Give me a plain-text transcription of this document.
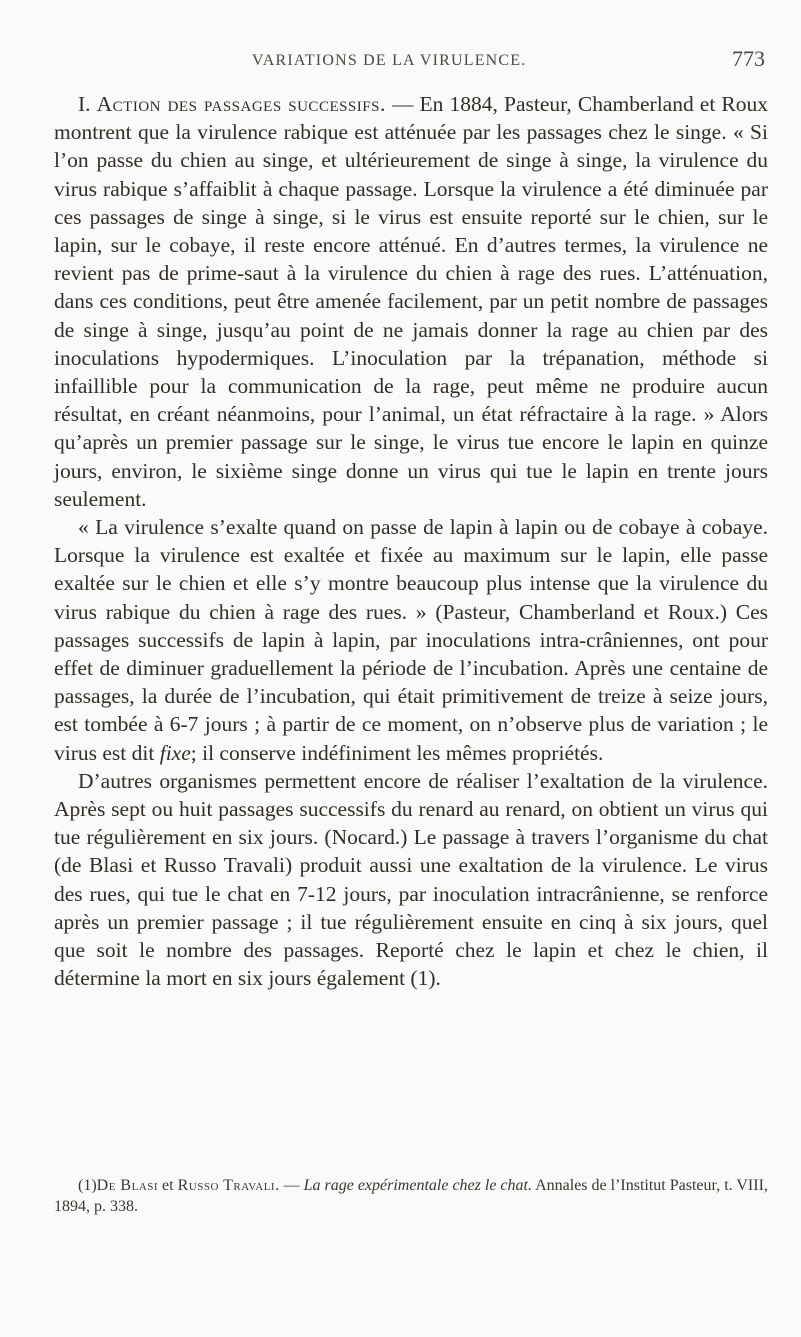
VARIATIONS DE LA VIRULENCE.	773

I. Action des passages successifs. — En 1884, Pasteur, Chamberland et Roux montrent que la virulence rabique est atténuée par les passages chez le singe. « Si l’on passe du chien au singe, et ultérieurement de singe à singe, la virulence du virus rabique s’affaiblit à chaque passage. Lorsque la virulence a été diminuée par ces passages de singe à singe, si le virus est ensuite reporté sur le chien, sur le lapin, sur le cobaye, il reste encore atténué. En d’autres termes, la virulence ne revient pas de prime-saut à la virulence du chien à rage des rues. L’atténuation, dans ces conditions, peut être amenée facilement, par un petit nombre de passages de singe à singe, jusqu’au point de ne jamais donner la rage au chien par des inoculations hypodermiques. L’inoculation par la trépanation, méthode si infaillible pour la communication de la rage, peut même ne produire aucun résultat, en créant néanmoins, pour l’animal, un état réfractaire à la rage. » Alors qu’après un premier passage sur le singe, le virus tue encore le lapin en quinze jours, environ, le sixième singe donne un virus qui tue le lapin en trente jours seulement.

« La virulence s’exalte quand on passe de lapin à lapin ou de cobaye à cobaye. Lorsque la virulence est exaltée et fixée au maximum sur le lapin, elle passe exaltée sur le chien et elle s’y montre beaucoup plus intense que la virulence du virus rabique du chien à rage des rues. » (Pasteur, Chamberland et Roux.) Ces passages successifs de lapin à lapin, par inoculations intra-crâniennes, ont pour effet de diminuer graduellement la période de l’incubation. Après une centaine de passages, la durée de l’incubation, qui était primitivement de treize à seize jours, est tombée à 6-7 jours ; à partir de ce moment, on n’observe plus de variation ; le virus est dit fixe; il conserve indéfiniment les mêmes propriétés.

D’autres organismes permettent encore de réaliser l’exaltation de la virulence. Après sept ou huit passages successifs du renard au renard, on obtient un virus qui tue régulièrement en six jours. (Nocard.) Le passage à travers l’organisme du chat (de Blasi et Russo Travali) produit aussi une exaltation de la virulence. Le virus des rues, qui tue le chat en 7-12 jours, par inoculation intracrânienne, se renforce après un premier passage ; il tue régulièrement ensuite en cinq à six jours, quel que soit le nombre des passages. Reporté chez le lapin et chez le chien, il détermine la mort en six jours également (1).

(1)De Blasi et Russo Travali. — La rage expérimentale chez le chat. Annales de l’Institut Pasteur, t. VIII, 1894, p. 338.
